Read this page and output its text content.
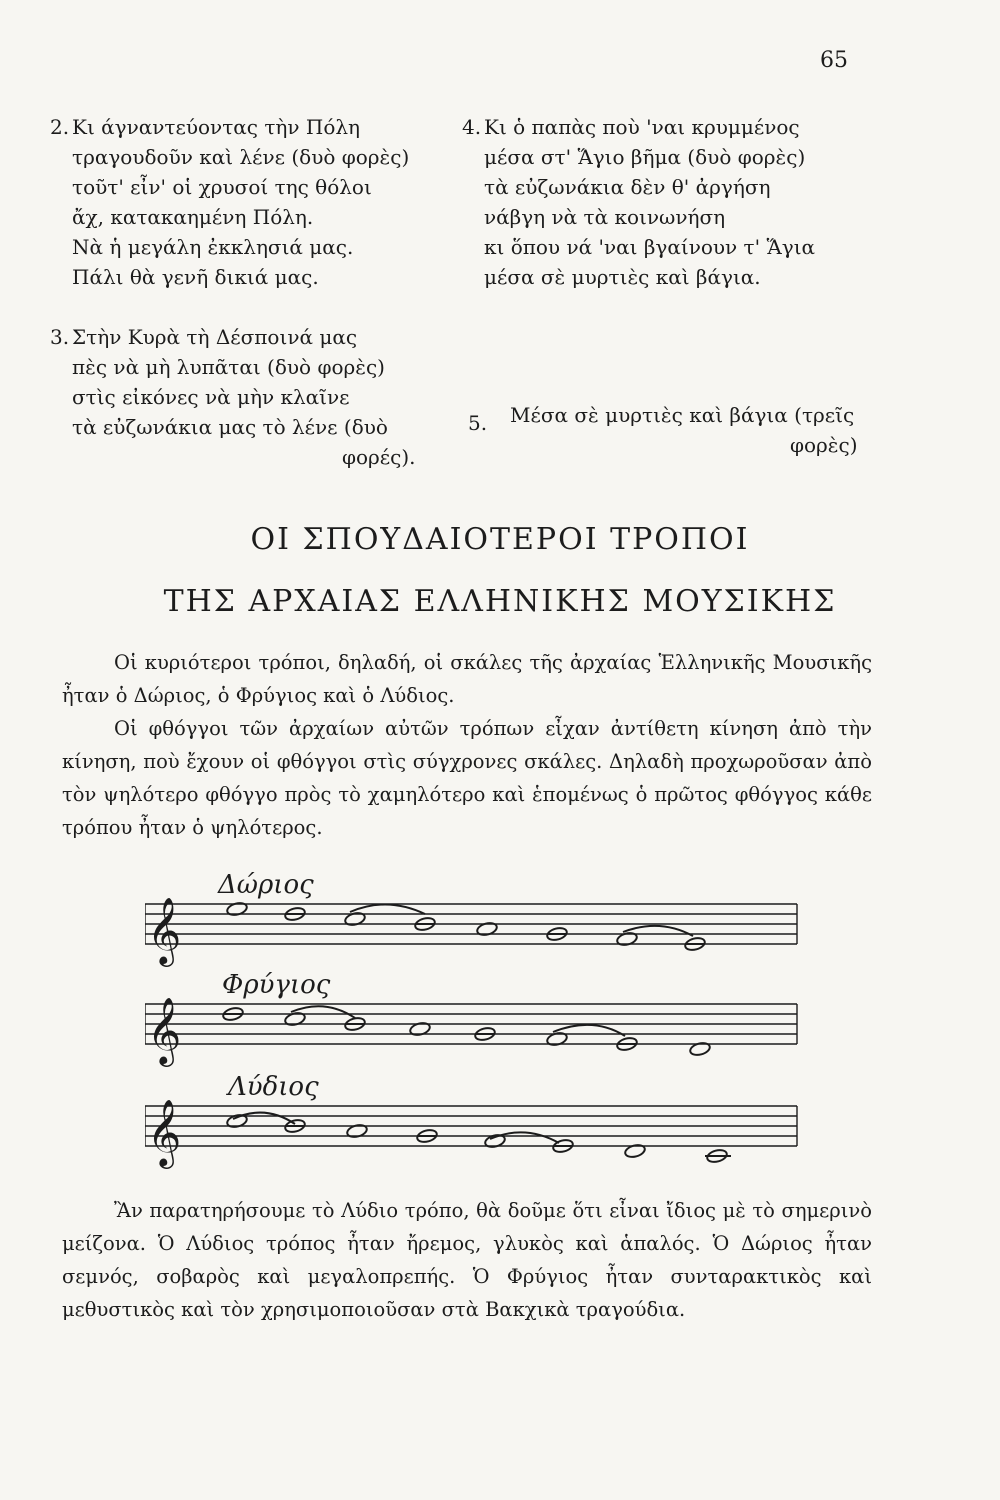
65
2. Κι άγναντεύοντας τὴν Πόλη
τραγουδοῦν καὶ λένε (δυὸ φορὲς)
τοῦτ' εἶν' οἱ χρυσοί της θόλοι
ἄχ, κατακαημένη Πόλη.
Νὰ ἡ μεγάλη ἐκκλησιά μας.
Πάλι θὰ γενῆ δικιά μας.
3. Στὴν Κυρὰ τὴ Δέσποινά μας
πὲς νὰ μὴ λυπᾶται (δυὸ φορὲς)
στὶς εἰκόνες νὰ μὴν κλαῖνε
τὰ εὐζωνάκια μας τὸ λένε (δυὸ
φορές).
4. Κι ὁ παπὰς ποὺ 'ναι κρυμμένος
μέσα στ' Ἅγιο βῆμα (δυὸ φορὲς)
τὰ εὐζωνάκια δὲν θ' ἀργήση
νάβγη νὰ τὰ κοινωνήση
κι ὅπου νά 'ναι βγαίνουν τ' Ἅγια
μέσα σὲ μυρτιὲς καὶ βάγια.
5. Μέσα σὲ μυρτιὲς καὶ βάγια (τρεῖς
φορὲς)
ΟΙ ΣΠΟΥΔΑΙΟΤΕΡΟΙ ΤΡΟΠΟΙ
ΤΗΣ ΑΡΧΑΙΑΣ ΕΛΛΗΝΙΚΗΣ ΜΟΥΣΙΚΗΣ
Οἱ κυριότεροι τρόποι, δηλαδή, οἱ σκάλες τῆς ἀρχαίας Ἑλληνικῆς Μουσικῆς ἦταν ὁ Δώριος, ὁ Φρύγιος καὶ ὁ Λύδιος.
Οἱ φθόγγοι τῶν ἀρχαίων αὐτῶν τρόπων εἶχαν ἀντίθετη κίνηση ἀπὸ τὴν κίνηση, ποὺ ἔχουν οἱ φθόγγοι στὶς σύγχρονες σκάλες. Δηλαδὴ προχωροῦσαν ἀπὸ τὸν ψηλότερο φθόγγο πρὸς τὸ χαμηλότερο καὶ ἑπομένως ὁ πρῶτος φθόγγος κάθε τρόπου ἦταν ὁ ψηλότερος.
Δώριος
Φρύγιος
Λύδιος
𝄞
𝄞
𝄞
Ἂν παρατηρήσουμε τὸ Λύδιο τρόπο, θὰ δοῦμε ὅτι εἶναι ἴδιος μὲ τὸ σημερινὸ μείζονα. Ὁ Λύδιος τρόπος ἦταν ἤρεμος, γλυκὸς καὶ ἁπαλός. Ὁ Δώριος ἦταν σεμνός, σοβαρὸς καὶ μεγαλοπρεπής. Ὁ Φρύγιος ἦταν συνταρακτικὸς καὶ μεθυστικὸς καὶ τὸν χρησιμοποιοῦσαν στὰ Βακχικὰ τραγούδια.
